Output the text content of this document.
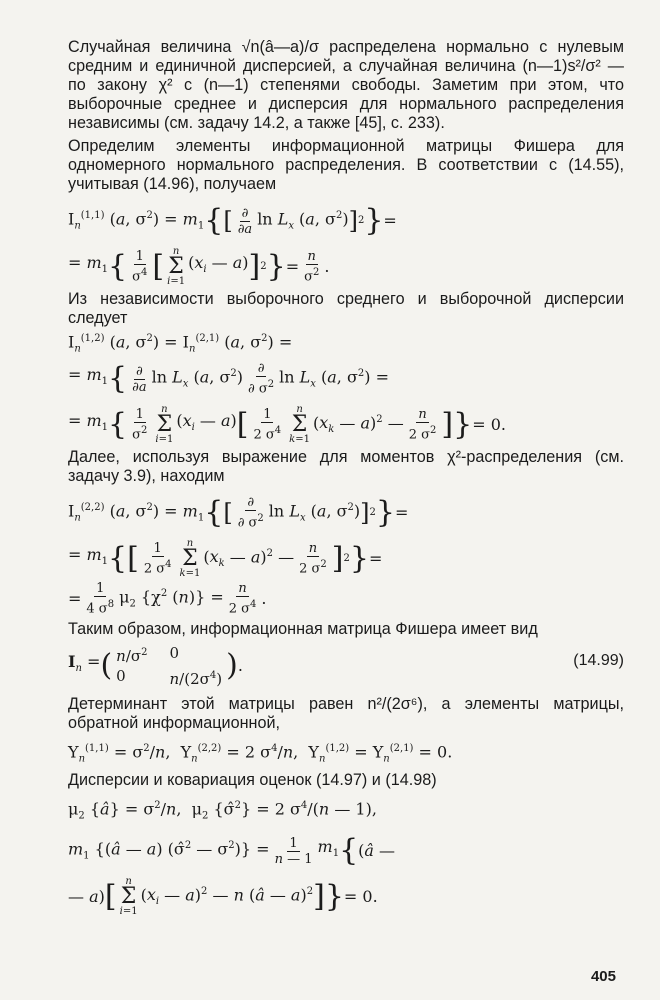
Случайная величина √n(â—a)/σ распределена нормально с нулевым средним и единичной дисперсией, а случайная величина (n—1)s²/σ² — по закону χ² с (n—1) степенями свободы. Заметим при этом, что выборочные среднее и дисперсия для нормального распределения независимы (см. задачу 14.2, а также [45], с. 233).

Определим элементы информационной матрицы Фишера для одномерного нормального распределения. В соответствии с (14.55), учитывая (14.96), получаем

$I_n^{(1,1)}$ (a, $\sigma^2) = m_1$ { [ $\frac{\partial}{\partial a}$ $\ln L_x$ (a, $\sigma^2$) ] 2 } =
= $m_1$ { $\frac{1}{\sigma^4}$ [ n
Σ
i=1
($x_i$ — a) ] 2 } = $\frac{n}{\sigma^2}$ .

Из независимости выборочного среднего и выборочной дисперсии следует

$I_n^{(1,2)}$ (a, $\sigma^2) = I_n^{(2,1)}$ (a, $\sigma^2$) =
= $m_1$ { $\frac{\partial}{\partial a}$ $\ln L_x$ (a, $\sigma^2) \frac{\partial}{\partial \sigma^2}$ $\ln L_x$ (a, $\sigma^2$) =
= $m_1$ { $\frac{1}{\sigma^2}$ n
Σ
i=1
($x_i$ — a) [ $\frac{1}{2 \sigma^4}$ n
Σ
k=1
($x_k$ — a)$^2$ — $\frac{n}{2 \sigma^2}$ ] } = 0.

Далее, используя выражение для моментов χ²-распределения (см. задачу 3.9), находим

$I_n^{(2,2)}$ (a, $\sigma^2) = m_1$ { [ $\frac{\partial}{\partial \sigma^2}$ $\ln L_x$ (a, $\sigma^2$) ] 2 } =
= $m_1$ { [ $\frac{1}{2 \sigma^4}$ n
Σ
k=1
($x_k$ — a)$^2$ — $\frac{n}{2 \sigma^2}$ ] 2 } =
= $\frac{1}{4 \sigma^8} \mu_2$ {$\chi^2$ $(n)\} = \frac{n}{2 \sigma^4}$ .

Таким образом, информационная матрица Фишера имеет вид

$I_n$ = ( $n/\sigma^2$ 0
0	$n/(2\sigma^4)$ ) .	(14.99)

Детерминант этой матрицы равен n²/(2σ⁶), а элементы матрицы, обратной информационной,

$Y_n^{(1,1)} = \sigma^2/n$,  $Y_n^{(2,2)} = 2$ $\sigma^4/n$,  $Y_n^{(1,2)} = Y_n^{(2,1)} = 0$.

Дисперсии и ковариация оценок (14.97) и (14.98)

$\mu_2$ {â} = $\sigma^2/n$,  $\mu_2$ {σ̂$^2$} = 2 $\sigma^4/(n$ — 1),
$m_1$ {(â — a) (σ̂$^2$ — $\sigma^2)\} = \frac{1}{n — 1} m_1$ { (â —
— a) [ n
Σ
i=1
($x_i$ — a)$^2$ — n (â — a)$^2$ ] } = 0.
405
